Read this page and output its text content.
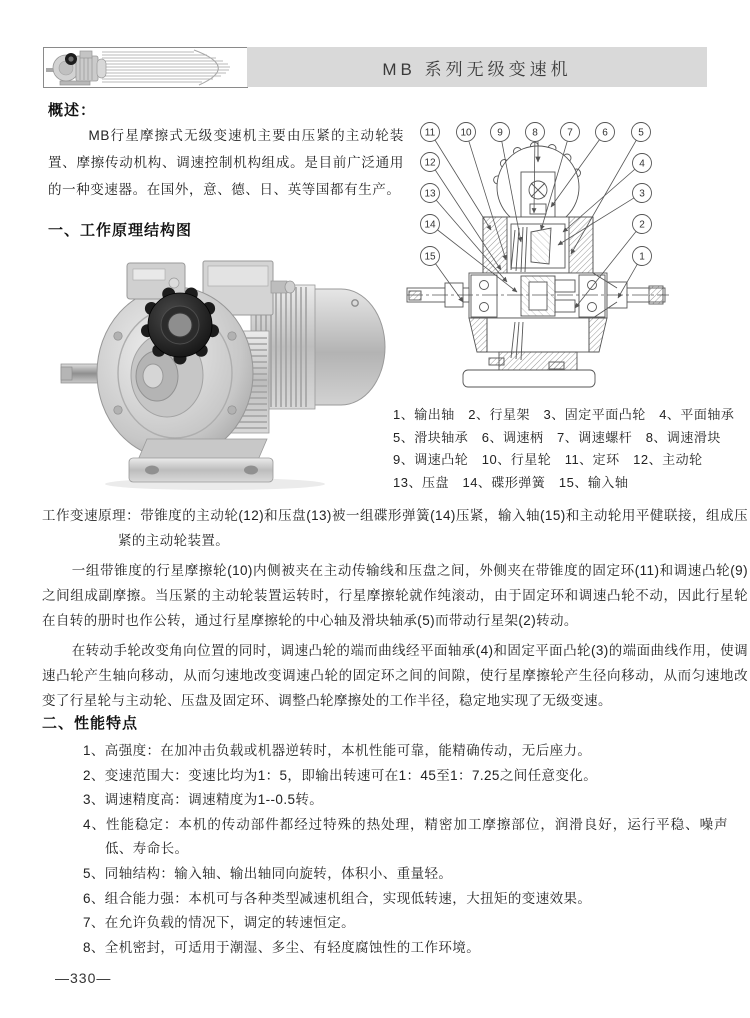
MB 系列无级变速机
概述：
MB行星摩擦式无级变速机主要由压紧的主动轮装置、摩擦传动机构、调速控制机构组成。是目前广泛通用的一种变速器。在国外，意、德、日、英等国都有生产。
一、工作原理结构图
1
2
3
4
5
6
7
8
9
10
11
12
13
14
15
1、输出轴　2、行星架　3、固定平面凸轮　4、平面轴承
5、滑块轴承　6、调速柄　7、调速螺杆　8、调速滑块
9、调速凸轮　10、行星轮　11、定环　12、主动轮
13、压盘　14、碟形弹簧　15、输入轴

工作变速原理：带锥度的主动轮(12)和压盘(13)被一组碟形弹簧(14)压紧，输入轴(15)和主动轮用平健联接，组成压紧的主动轮装置。

一组带锥度的行星摩擦轮(10)内侧被夹在主动传输线和压盘之间，外侧夹在带锥度的固定环(11)和调速凸轮(9)之间组成副摩擦。当压紧的主动轮装置运转时，行星摩擦轮就作纯滚动，由于固定环和调速凸轮不动，因此行星轮在自转的册时也作公转，通过行星摩擦轮的中心轴及滑块轴承(5)而带动行星架(2)转动。

在转动手轮改变角向位置的同时，调速凸轮的端而曲线经平面轴承(4)和固定平面凸轮(3)的端面曲线作用，使调速凸轮产生轴向移动，从而匀速地改变调速凸轮的固定环之间的间隙，使行星摩擦轮产生径向移动，从而匀速地改变了行星轮与主动轮、压盘及固定环、调整凸轮摩擦处的工作半径，稳定地实现了无级变速。

二、性能特点
1、高强度：在加冲击负载或机器逆转时，本机性能可靠，能精确传动，无后座力。
2、变速范围大：变速比均为1：5，即输出转速可在1：45至1：7.25之间任意变化。
3、调速精度高：调速精度为1--0.5转。
4、性能稳定：本机的传动部件都经过特殊的热处理，精密加工摩擦部位，润滑良好，运行平稳、噪声低、寿命长。
5、同轴结构：输入轴、输出轴同向旋转，体积小、重量轻。
6、组合能力强：本机可与各种类型减速机组合，实现低转速，大扭矩的变速效果。
7、在允许负载的情况下，调定的转速恒定。
8、全机密封，可适用于潮湿、多尘、有轻度腐蚀性的工作环境。
—330—
